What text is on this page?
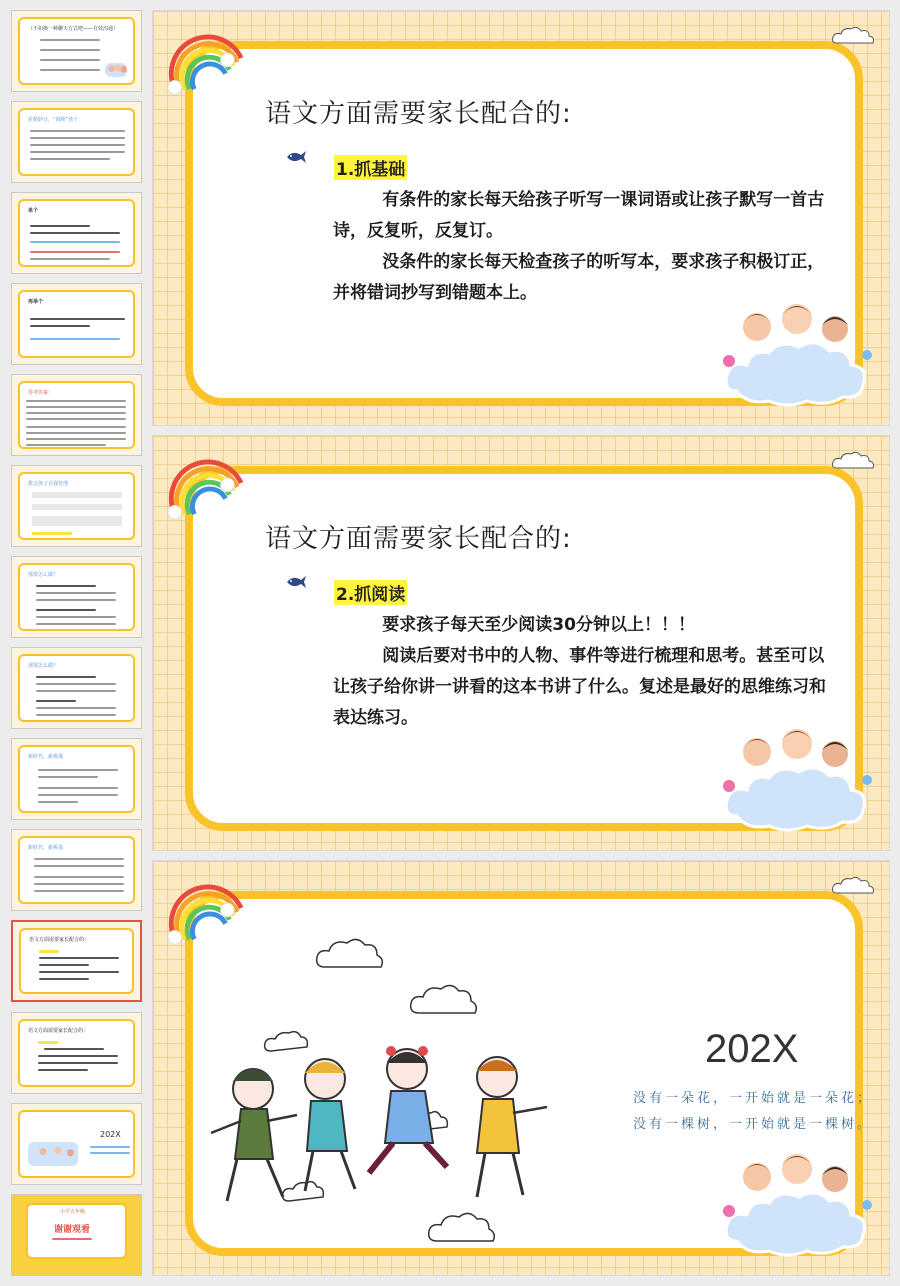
（不如换一种聊天方式吧——有效沟通）
花精妙计，“调理”孩子
单个
再举个
参考答案：
教会孩子自我管理
那要怎么做？
那要怎么做？
新时代，新挑战
新时代，新挑战
语文方面需要家长配合的：
语文方面需要家长配合的：
202X
小学五年级
谢谢观看
语文方面需要家长配合的:
1.抓基础

有条件的家长每天给孩子听写一课词语或让孩子默写一首古诗，反复听，反复订。

没条件的家长每天检查孩子的听写本，要求孩子积极订正，并将错词抄写到错题本上。

语文方面需要家长配合的:
2.抓阅读

要求孩子每天至少阅读30分钟以上！！！

阅读后要对书中的人物、事件等进行梳理和思考。甚至可以让孩子给你讲一讲看的这本书讲了什么。复述是最好的思维练习和表达练习。

202X
没有一朵花，一开始就是一朵花；
没有一棵树，一开始就是一棵树。
